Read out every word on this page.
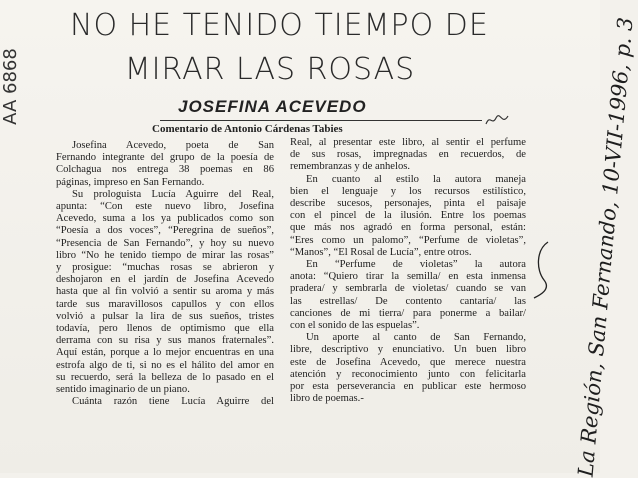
AA 6868
NO HE TENIDO TIEMPO DE
MIRAR LAS ROSAS
JOSEFINA ACEVEDO
Comentario de Antonio Cárdenas Tabies
Josefina Acevedo, poeta de San
Fernando integrante del grupo de la poesía de
Colchagua nos entrega 38 poemas en 86
páginas, impreso en San Fernando.
Su prologuista Lucía Aguirre del Real,
apunta: “Con este nuevo libro, Josefina
Acevedo, suma a los ya publicados como son
“Poesía a dos voces”, “Peregrina de sueños”,
“Presencia de San Fernando”, y hoy su nuevo
libro “No he tenido tiempo de mirar las rosas”
y prosigue: “muchas rosas se abrieron y
deshojaron en el jardín de Josefina Acevedo
hasta que al fin volvió a sentir su aroma y más
tarde sus maravillosos capullos y con ellos
volvió a pulsar la lira de sus sueños, tristes
todavía, pero llenos de optimismo que ella
derrama con su risa y sus manos fraternales”.
Aquí están, porque a lo mejor encuentras en una
estrofa algo de ti, si no es el hálito del amor en
su recuerdo, será la belleza de lo pasado en el
sentido imaginario de un piano.
Cuánta razón tiene Lucía Aguirre del
Real, al presentar este libro, al sentir el perfume
de sus rosas, impregnadas en recuerdos, de
remembranzas y de anhelos.
En cuanto al estilo la autora maneja
bien el lenguaje y los recursos estilístico,
describe sucesos, personajes, pinta el paisaje
con el pincel de la ilusión. Entre los poemas
que más nos agradó en forma personal, están:
“Eres como un palomo”, “Perfume de violetas”,
“Manos”, “El Rosal de Lucía”, entre otros.
En “Perfume de violetas” la autora
anota: “Quiero tirar la semilla/ en esta inmensa
pradera/ y sembrarla de violetas/ cuando se van
las estrellas/ De contento cantaría/ las
canciones de mi tierra/ para ponerme a bailar/
con el sonido de las espuelas”.
Un aporte al canto de San Fernando,
libre, descriptivo y enunciativo. Un buen libro
este de Josefina Acevedo, que merece nuestra
atención y reconocimiento junto con felicitarla
por esta perseverancia en publicar este hermoso
libro de poemas.-	La Región, San Fernando, 10-VII-1996, p. 3
